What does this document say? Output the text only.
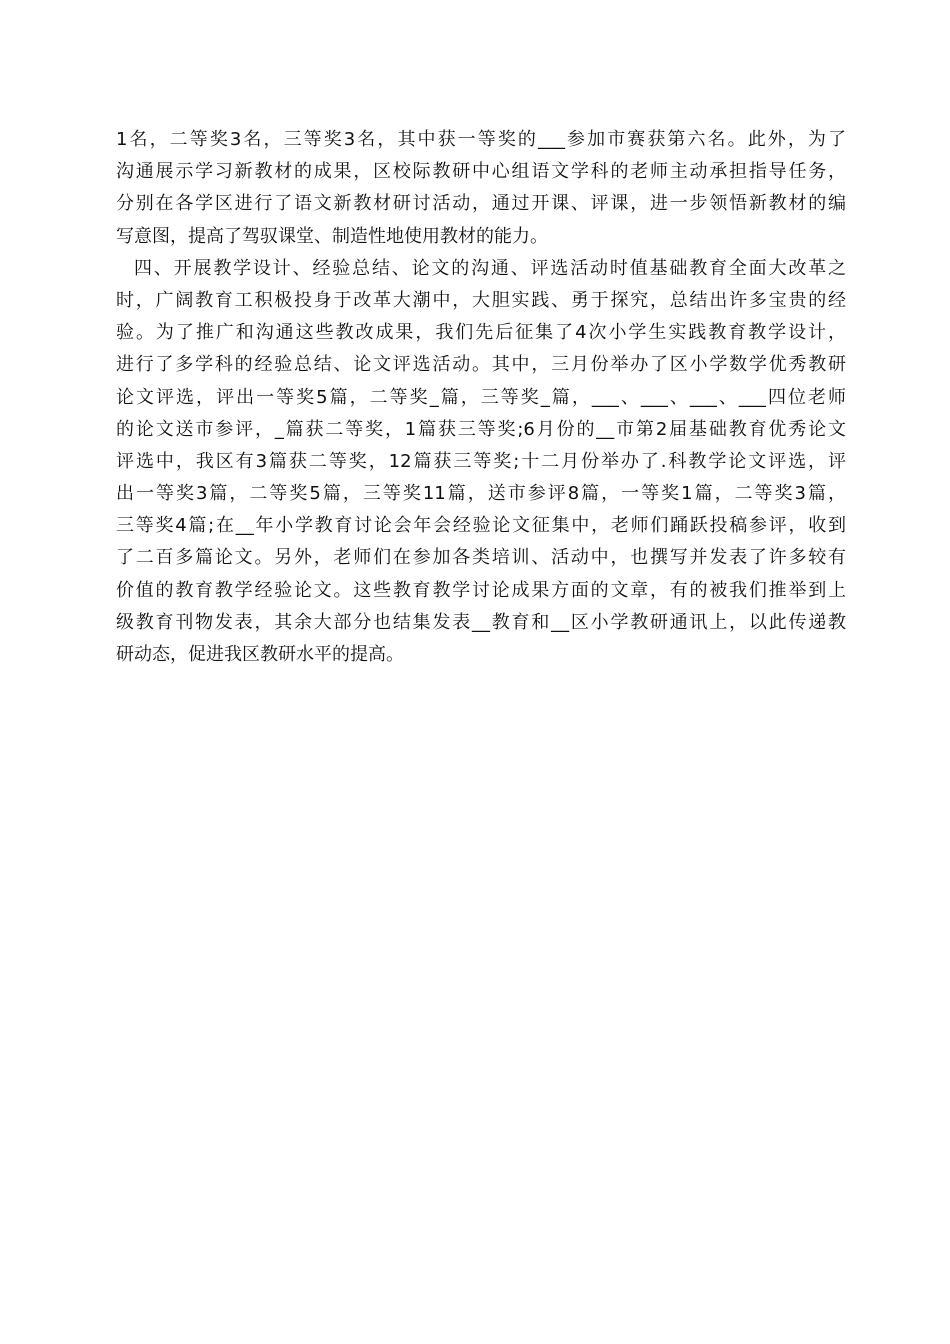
1名，二等奖3名，三等奖3名，其中获一等奖的___参加市赛获第六名。此外，为了
沟通展示学习新教材的成果，区校际教研中心组语文学科的老师主动承担指导任务，
分别在各学区进行了语文新教材研讨活动，通过开课、评课，进一步领悟新教材的编
写意图，提高了驾驭课堂、制造性地使用教材的能力。
四、开展教学设计、经验总结、论文的沟通、评选活动时值基础教育全面大改革之
时，广阔教育工积极投身于改革大潮中，大胆实践、勇于探究，总结出许多宝贵的经
验。为了推广和沟通这些教改成果，我们先后征集了4次小学生实践教育教学设计，
进行了多学科的经验总结、论文评选活动。其中，三月份举办了区小学数学优秀教研
论文评选，评出一等奖5篇，二等奖_篇，三等奖_篇，___、___、___、___四位老师
的论文送市参评，_篇获二等奖，1篇获三等奖;6月份的__市第2届基础教育优秀论文
评选中，我区有3篇获二等奖，12篇获三等奖;十二月份举办了.科教学论文评选，评
出一等奖3篇，二等奖5篇，三等奖11篇，送市参评8篇，一等奖1篇，二等奖3篇，
三等奖4篇;在__年小学教育讨论会年会经验论文征集中，老师们踊跃投稿参评，收到
了二百多篇论文。另外，老师们在参加各类培训、活动中，也撰写并发表了许多较有
价值的教育教学经验论文。这些教育教学讨论成果方面的文章，有的被我们推举到上
级教育刊物发表，其余大部分也结集发表__教育和__区小学教研通讯上，以此传递教
研动态，促进我区教研水平的提高。
